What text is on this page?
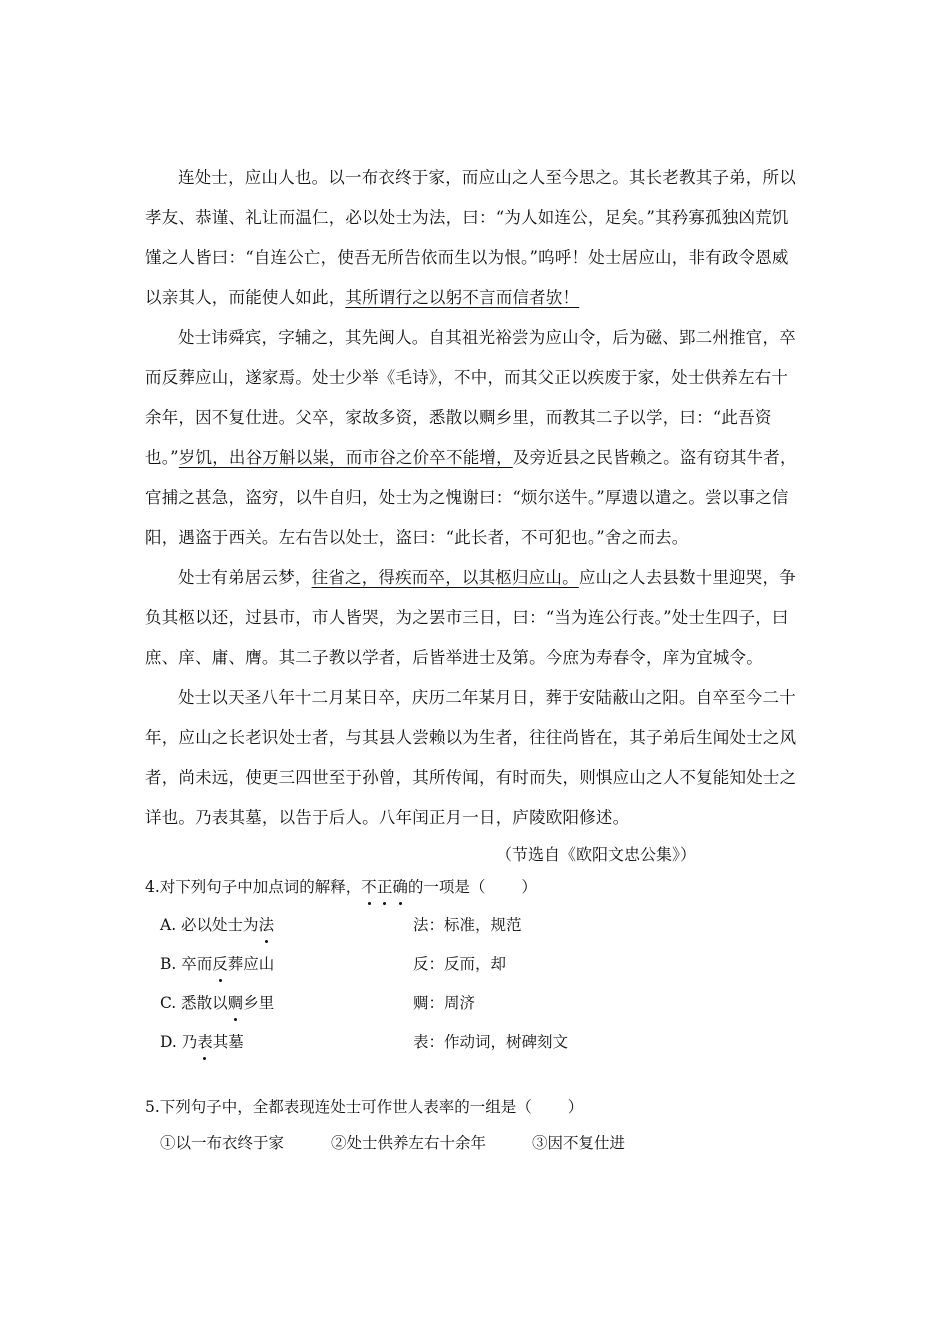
连处士，应山人也。以一布衣终于家，而应山之人至今思之。其长老教其子弟，所以
孝友、恭谨、礼让而温仁，必以处士为法，曰：“为人如连公，足矣。”其矜寡孤独凶荒饥
馑之人皆曰：“自连公亡，使吾无所告依而生以为恨。”呜呼！处士居应山，非有政令恩威
以亲其人，而能使人如此，其所谓行之以躬不言而信者欤！
处士讳舜宾，字辅之，其先闽人。自其祖光裕尝为应山令，后为磁、郢二州推官，卒
而反葬应山，遂家焉。处士少举《毛诗》，不中，而其父正以疾废于家，处士供养左右十
余年，因不复仕进。父卒，家故多资，悉散以赒乡里，而教其二子以学，曰：“此吾资
也。”岁饥，出谷万斛以粜，而市谷之价卒不能增，及旁近县之民皆赖之。盗有窃其牛者，
官捕之甚急，盗穷，以牛自归，处士为之愧谢曰：“烦尔送牛。”厚遗以遣之。尝以事之信
阳，遇盗于西关。左右告以处士，盗曰：“此长者，不可犯也。”舍之而去。
处士有弟居云梦，往省之，得疾而卒，以其柩归应山。应山之人去县数十里迎哭，争
负其柩以还，过县市，市人皆哭，为之罢市三日，曰：“当为连公行丧。”处士生四子，曰
庶、庠、庸、膺。其二子教以学者，后皆举进士及第。今庶为寿春令，庠为宜城令。
处士以天圣八年十二月某日卒，庆历二年某月日，葬于安陆蔽山之阳。自卒至今二十
年，应山之长老识处士者，与其县人尝赖以为生者，往往尚皆在，其子弟后生闻处士之风
者，尚未远，使更三四世至于孙曾，其所传闻，有时而失，则惧应山之人不复能知处士之
详也。乃表其墓，以告于后人。八年闰正月一日，庐陵欧阳修述。
（节选自《欧阳文忠公集》）
4.对下列句子中加点词的解释，不正确的一项是（ ）
A. 必以处士为法	法：标准，规范
B. 卒而反葬应山	反：反而，却
C. 悉散以赒乡里	赒：周济
D. 乃表其墓	表：作动词，树碑刻文
5.下列句子中，全都表现连处士可作世人表率的一组是（ ）
①以一布衣终于家	②处士供养左右十余年	③因不复仕进
